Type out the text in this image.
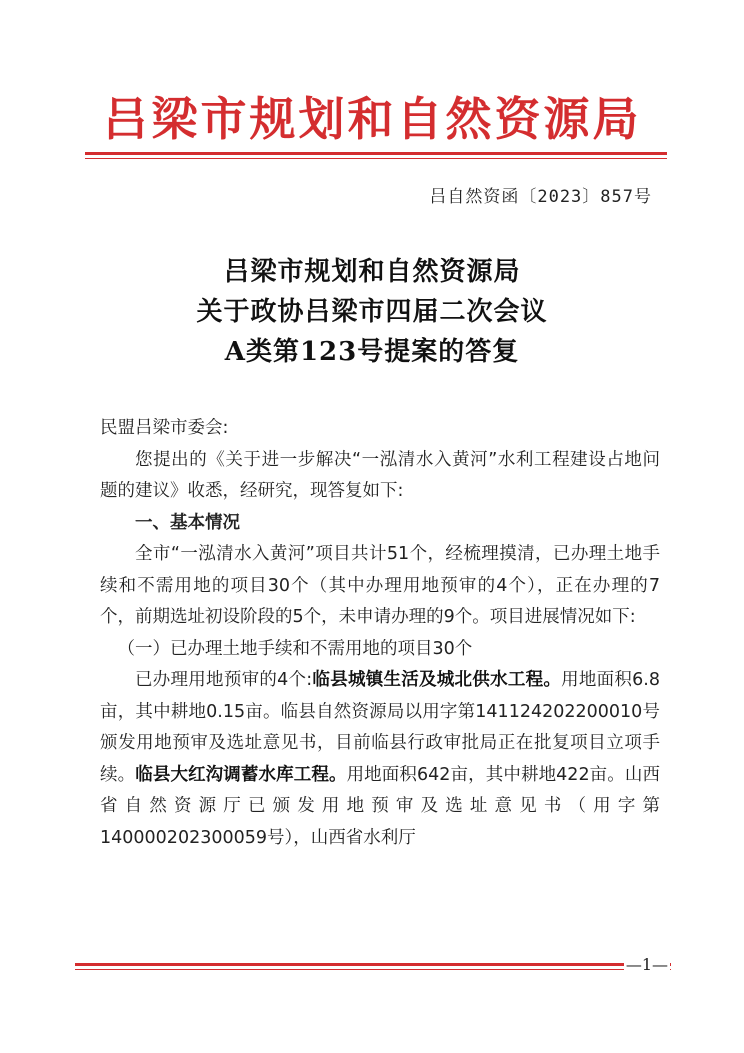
吕梁市规划和自然资源局
吕自然资函〔2023〕857号
吕梁市规划和自然资源局
关于政协吕梁市四届二次会议
A类第123号提案的答复

民盟吕梁市委会:

您提出的《关于进一步解决“一泓清水入黄河”水利工程建设占地问题的建议》收悉，经研究，现答复如下:

一、基本情况

全市“一泓清水入黄河”项目共计51个，经梳理摸清，已办理土地手续和不需用地的项目30个（其中办理用地预审的4个），正在办理的7个，前期选址初设阶段的5个，未申请办理的9个。项目进展情况如下:

（一）已办理土地手续和不需用地的项目30个

已办理用地预审的4个:临县城镇生活及城北供水工程。用地面积6.8亩，其中耕地0.15亩。临县自然资源局以用字第141124202200010号颁发用地预审及选址意见书，目前临县行政审批局正在批复项目立项手续。临县大红沟调蓄水库工程。用地面积642亩，其中耕地422亩。山西省自然资源厅已颁发用地预审及选址意见书（用字第140000202300059号），山西省水利厅

—1—
